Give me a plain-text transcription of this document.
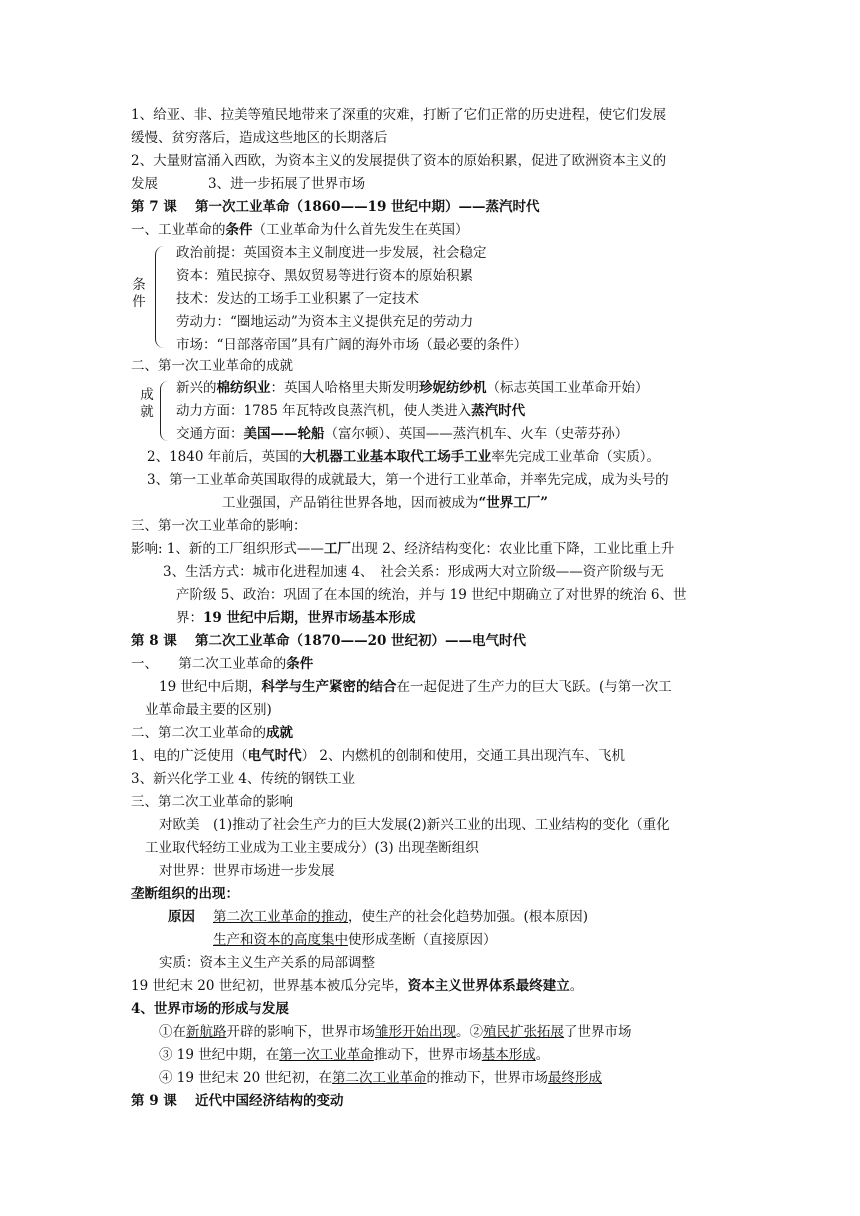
1、给亚、非、拉美等殖民地带来了深重的灾难，打断了它们正常的历史进程，使它们发展
缓慢、贫穷落后，造成这些地区的长期落后
2、大量财富涌入西欧，为资本主义的发展提供了资本的原始积累，促进了欧洲资本主义的
发展	3、进一步拓展了世界市场
第 7 课　 第一次工业革命（1860——19 世纪中期）——蒸汽时代
一、工业革命的条件（工业革命为什么首先发生在英国）
条
件
政治前提：英国资本主义制度进一步发展，社会稳定
资本：殖民掠夺、黑奴贸易等进行资本的原始积累
技术：发达的工场手工业积累了一定技术
劳动力：“圈地运动”为资本主义提供充足的劳动力
市场：“日部落帝国”具有广阔的海外市场（最必要的条件）
二、第一次工业革命的成就
成
就
新兴的棉纺织业：英国人哈格里夫斯发明珍妮纺纱机（标志英国工业革命开始）
动力方面：1785 年瓦特改良蒸汽机，使人类进入蒸汽时代
交通方面：美国——轮船（富尔顿）、英国——蒸汽机车、火车（史蒂芬孙）
2、1840 年前后，英国的大机器工业基本取代工场手工业率先完成工业革命（实质）。
3、第一工业革命英国取得的成就最大，第一个进行工业革命，并率先完成，成为头号的
工业强国，产品销往世界各地，因而被成为“世界工厂”
三、第一次工业革命的影响：
影响: 1、新的工厂组织形式——工厂出现 2、经济结构变化：农业比重下降，工业比重上升
3、生活方式：城市化进程加速 4、　社会关系：形成两大对立阶级——资产阶级与无
产阶级 5、政治：巩固了在本国的统治，并与 19 世纪中期确立了对世界的统治 6、世
界：19 世纪中后期，世界市场基本形成
第 8 课　 第二次工业革命（1870——20 世纪初）——电气时代
一、　　第二次工业革命的条件
19 世纪中后期，科学与生产紧密的结合在一起促进了生产力的巨大飞跃。(与第一次工
业革命最主要的区别)
二、第二次工业革命的成就
1、电的广泛使用（电气时代） 2、内燃机的创制和使用，交通工具出现汽车、飞机
3、新兴化学工业 4、传统的钢铁工业
三、第二次工业革命的影响
对欧美　(1)推动了社会生产力的巨大发展(2)新兴工业的出现、工业结构的变化（重化
工业取代轻纺工业成为工业主要成分）(3) 出现垄断组织
对世界：世界市场进一步发展
垄断组织的出现：
原因 第二次工业革命的推动，使生产的社会化趋势加强。(根本原因)
生产和资本的高度集中使形成垄断（直接原因）
实质：资本主义生产关系的局部调整
19 世纪末 20 世纪初，世界基本被瓜分完毕，资本主义世界体系最终建立。
4、世界市场的形成与发展
①在新航路开辟的影响下，世界市场雏形开始出现。②殖民扩张拓展了世界市场
③ 19 世纪中期，在第一次工业革命推动下，世界市场基本形成。
④ 19 世纪末 20 世纪初，在第二次工业革命的推动下，世界市场最终形成
第 9 课　 近代中国经济结构的变动
